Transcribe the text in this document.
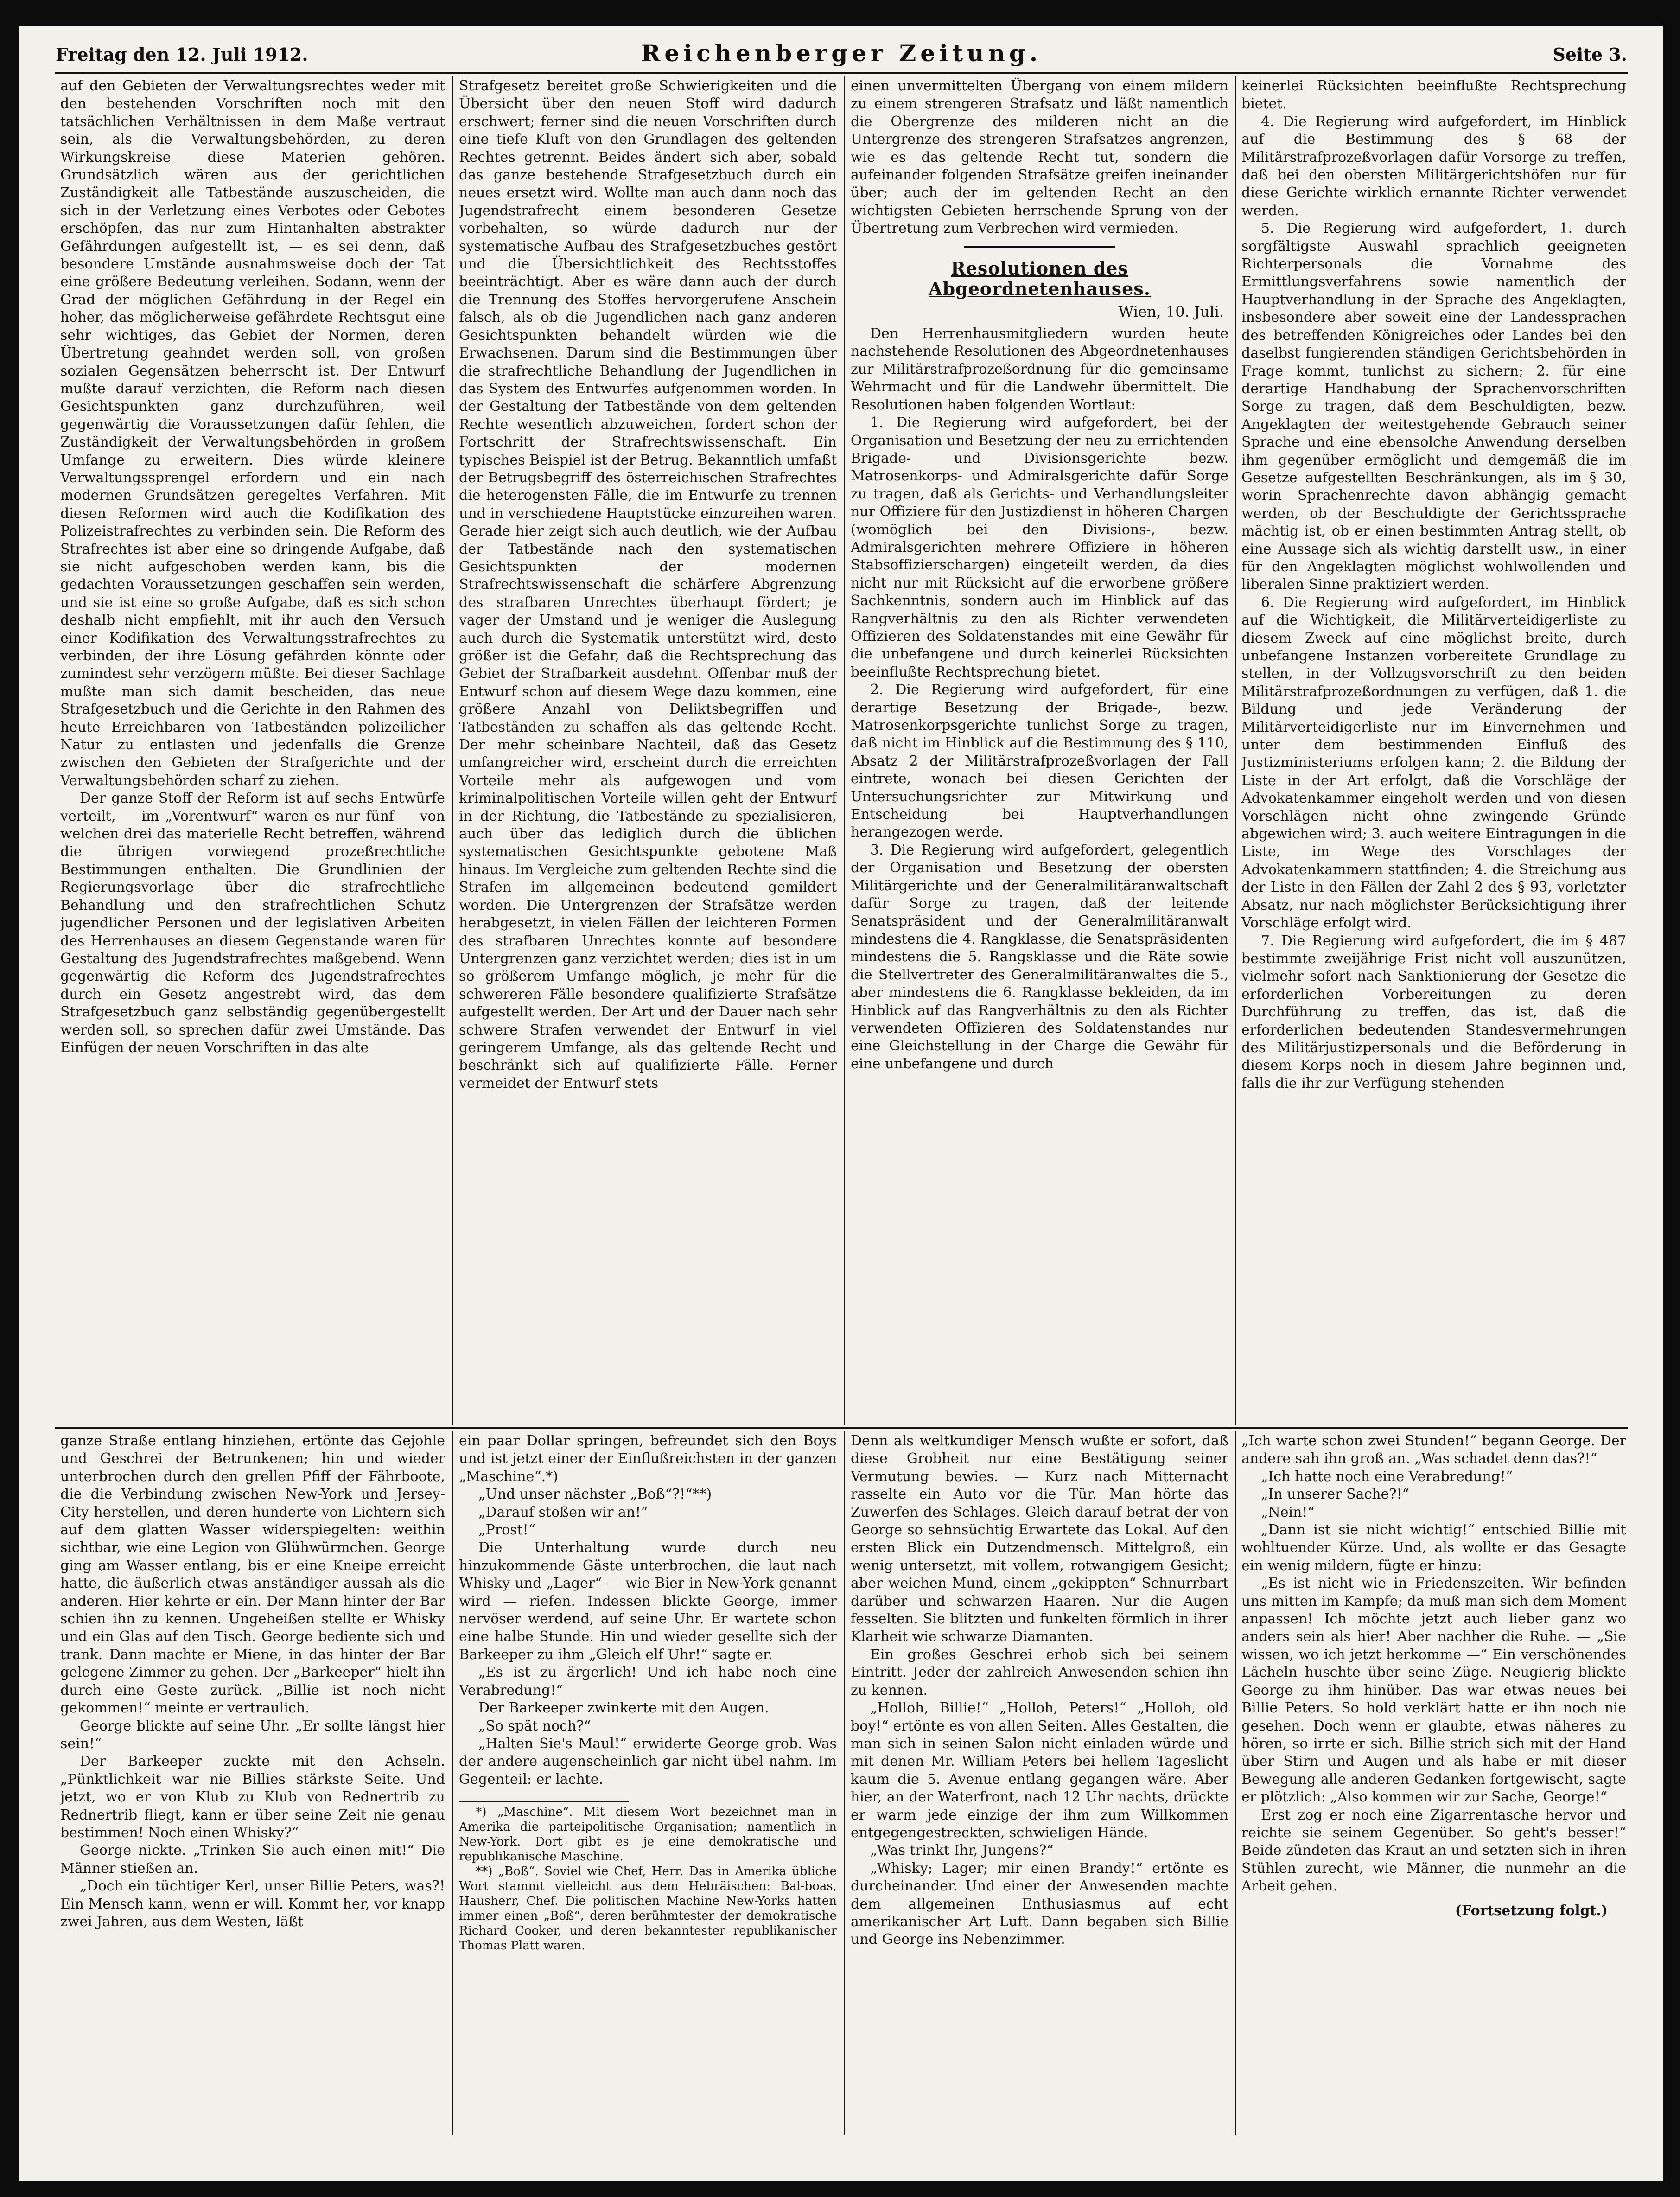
Freitag den 12. Juli 1912.	Reichenberger Zeitung.	Seite 3.

auf den Gebieten der Verwaltungsrechtes weder mit den bestehenden Vorschriften noch mit den tatsächlichen Verhältnissen in dem Maße vertraut sein, als die Verwaltungsbehörden, zu deren Wirkungskreise diese Materien gehören. Grundsätzlich wären aus der gerichtlichen Zuständigkeit alle Tatbestände auszuscheiden, die sich in der Verletzung eines Verbotes oder Gebotes erschöpfen, das nur zum Hintanhalten abstrakter Gefährdungen aufgestellt ist, — es sei denn, daß besondere Umstände ausnahmsweise doch der Tat eine größere Bedeutung verleihen. Sodann, wenn der Grad der möglichen Gefährdung in der Regel ein hoher, das möglicherweise gefährdete Rechtsgut eine sehr wichtiges, das Gebiet der Normen, deren Übertretung geahndet werden soll, von großen sozialen Gegensätzen beherrscht ist. Der Entwurf mußte darauf verzichten, die Reform nach diesen Gesichtspunkten ganz durchzuführen, weil gegenwärtig die Voraussetzungen dafür fehlen, die Zuständigkeit der Verwaltungsbehörden in großem Umfange zu erweitern. Dies würde kleinere Verwaltungssprengel erfordern und ein nach modernen Grundsätzen geregeltes Verfahren. Mit diesen Reformen wird auch die Kodifikation des Polizeistrafrechtes zu verbinden sein. Die Reform des Strafrechtes ist aber eine so dringende Aufgabe, daß sie nicht aufgeschoben werden kann, bis die gedachten Voraussetzungen geschaffen sein werden, und sie ist eine so große Aufgabe, daß es sich schon deshalb nicht empfiehlt, mit ihr auch den Versuch einer Kodifikation des Verwaltungsstrafrechtes zu verbinden, der ihre Lösung gefährden könnte oder zumindest sehr verzögern müßte. Bei dieser Sachlage mußte man sich damit bescheiden, das neue Strafgesetzbuch und die Gerichte in den Rahmen des heute Erreichbaren von Tatbeständen polizeilicher Natur zu entlasten und jedenfalls die Grenze zwischen den Gebieten der Strafgerichte und der Verwaltungsbehörden scharf zu ziehen.

Der ganze Stoff der Reform ist auf sechs Entwürfe verteilt, — im „Vorentwurf“ waren es nur fünf — von welchen drei das materielle Recht betreffen, während die übrigen vorwiegend prozeßrechtliche Bestimmungen enthalten. Die Grundlinien der Regierungsvorlage über die strafrechtliche Behandlung und den strafrechtlichen Schutz jugendlicher Personen und der legislativen Arbeiten des Herrenhauses an diesem Gegenstande waren für Gestaltung des Jugendstrafrechtes maßgebend. Wenn gegenwärtig die Reform des Jugendstrafrechtes durch ein Gesetz angestrebt wird, das dem Strafgesetzbuch ganz selbständig gegenübergestellt werden soll, so sprechen dafür zwei Umstände. Das Einfügen der neuen Vorschriften in das alte

Strafgesetz bereitet große Schwierigkeiten und die Übersicht über den neuen Stoff wird dadurch erschwert; ferner sind die neuen Vorschriften durch eine tiefe Kluft von den Grundlagen des geltenden Rechtes getrennt. Beides ändert sich aber, sobald das ganze bestehende Strafgesetzbuch durch ein neues ersetzt wird. Wollte man auch dann noch das Jugendstrafrecht einem besonderen Gesetze vorbehalten, so würde dadurch nur der systematische Aufbau des Strafgesetzbuches gestört und die Übersichtlichkeit des Rechtsstoffes beeinträchtigt. Aber es wäre dann auch der durch die Trennung des Stoffes hervorgerufene Anschein falsch, als ob die Jugendlichen nach ganz anderen Gesichtspunkten behandelt würden wie die Erwachsenen. Darum sind die Bestimmungen über die strafrechtliche Behandlung der Jugendlichen in das System des Entwurfes aufgenommen worden. In der Gestaltung der Tatbestände von dem geltenden Rechte wesentlich abzuweichen, fordert schon der Fortschritt der Strafrechtswissenschaft. Ein typisches Beispiel ist der Betrug. Bekanntlich umfaßt der Betrugsbegriff des österreichischen Strafrechtes die heterogensten Fälle, die im Entwurfe zu trennen und in verschiedene Hauptstücke einzureihen waren. Gerade hier zeigt sich auch deutlich, wie der Aufbau der Tatbestände nach den systematischen Gesichtspunkten der modernen Strafrechtswissenschaft die schärfere Abgrenzung des strafbaren Unrechtes überhaupt fördert; je vager der Umstand und je weniger die Auslegung auch durch die Systematik unterstützt wird, desto größer ist die Gefahr, daß die Rechtsprechung das Gebiet der Strafbarkeit ausdehnt. Offenbar muß der Entwurf schon auf diesem Wege dazu kommen, eine größere Anzahl von Deliktsbegriffen und Tatbeständen zu schaffen als das geltende Recht. Der mehr scheinbare Nachteil, daß das Gesetz umfangreicher wird, erscheint durch die erreichten Vorteile mehr als aufgewogen und vom kriminalpolitischen Vorteile willen geht der Entwurf in der Richtung, die Tatbestände zu spezialisieren, auch über das lediglich durch die üblichen systematischen Gesichtspunkte gebotene Maß hinaus. Im Vergleiche zum geltenden Rechte sind die Strafen im allgemeinen bedeutend gemildert worden. Die Untergrenzen der Strafsätze werden herabgesetzt, in vielen Fällen der leichteren Formen des strafbaren Unrechtes konnte auf besondere Untergrenzen ganz verzichtet werden; dies ist in um so größerem Umfange möglich, je mehr für die schwereren Fälle besondere qualifizierte Strafsätze aufgestellt werden. Der Art und der Dauer nach sehr schwere Strafen verwendet der Entwurf in viel geringerem Umfange, als das geltende Recht und beschränkt sich auf qualifizierte Fälle. Ferner vermeidet der Entwurf stets

einen unvermittelten Übergang von einem mildern zu einem strengeren Strafsatz und läßt namentlich die Obergrenze des milderen nicht an die Untergrenze des strengeren Strafsatzes angrenzen, wie es das geltende Recht tut, sondern die aufeinander folgenden Strafsätze greifen ineinander über; auch der im geltenden Recht an den wichtigsten Gebieten herrschende Sprung von der Übertretung zum Verbrechen wird vermieden.

Resolutionen des Abgeordnetenhauses.
Wien, 10. Juli.

Den Herrenhausmitgliedern wurden heute nachstehende Resolutionen des Abgeordnetenhauses zur Militärstrafprozeßordnung für die gemeinsame Wehrmacht und für die Landwehr übermittelt. Die Resolutionen haben folgenden Wortlaut:

1. Die Regierung wird aufgefordert, bei der Organisation und Besetzung der neu zu errichtenden Brigade- und Divisionsgerichte bezw. Matrosenkorps- und Admiralsgerichte dafür Sorge zu tragen, daß als Gerichts- und Verhandlungsleiter nur Offiziere für den Justizdienst in höheren Chargen (womöglich bei den Divisions-, bezw. Admiralsgerichten mehrere Offiziere in höheren Stabsoffizierschargen) eingeteilt werden, da dies nicht nur mit Rücksicht auf die erworbene größere Sachkenntnis, sondern auch im Hinblick auf das Rangverhältnis zu den als Richter verwendeten Offizieren des Soldatenstandes mit eine Gewähr für die unbefangene und durch keinerlei Rücksichten beeinflußte Rechtsprechung bietet.

2. Die Regierung wird aufgefordert, für eine derartige Besetzung der Brigade-, bezw. Matrosenkorpsgerichte tunlichst Sorge zu tragen, daß nicht im Hinblick auf die Bestimmung des § 110, Absatz 2 der Militärstrafprozeßvorlagen der Fall eintrete, wonach bei diesen Gerichten der Untersuchungsrichter zur Mitwirkung und Entscheidung bei Hauptverhandlungen herangezogen werde.

3. Die Regierung wird aufgefordert, gelegentlich der Organisation und Besetzung der obersten Militärgerichte und der Generalmilitäranwaltschaft dafür Sorge zu tragen, daß der leitende Senatspräsident und der Generalmilitäranwalt mindestens die 4. Rangklasse, die Senatspräsidenten mindestens die 5. Rangsklasse und die Räte sowie die Stellvertreter des Generalmilitäranwaltes die 5., aber mindestens die 6. Rangklasse bekleiden, da im Hinblick auf das Rangverhältnis zu den als Richter verwendeten Offizieren des Soldatenstandes nur eine Gleichstellung in der Charge die Gewähr für eine unbefangene und durch

keinerlei Rücksichten beeinflußte Rechtsprechung bietet.

4. Die Regierung wird aufgefordert, im Hinblick auf die Bestimmung des § 68 der Militärstrafprozeßvorlagen dafür Vorsorge zu treffen, daß bei den obersten Militärgerichtshöfen nur für diese Gerichte wirklich ernannte Richter verwendet werden.

5. Die Regierung wird aufgefordert, 1. durch sorgfältigste Auswahl sprachlich geeigneten Richterpersonals die Vornahme des Ermittlungsverfahrens sowie namentlich der Hauptverhandlung in der Sprache des Angeklagten, insbesondere aber soweit eine der Landessprachen des betreffenden Königreiches oder Landes bei den daselbst fungierenden ständigen Gerichtsbehörden in Frage kommt, tunlichst zu sichern; 2. für eine derartige Handhabung der Sprachenvorschriften Sorge zu tragen, daß dem Beschuldigten, bezw. Angeklagten der weitestgehende Gebrauch seiner Sprache und eine ebensolche Anwendung derselben ihm gegenüber ermöglicht und demgemäß die im Gesetze aufgestellten Beschränkungen, als im § 30, worin Sprachenrechte davon abhängig gemacht werden, ob der Beschuldigte der Gerichtssprache mächtig ist, ob er einen bestimmten Antrag stellt, ob eine Aussage sich als wichtig darstellt usw., in einer für den Angeklagten möglichst wohlwollenden und liberalen Sinne praktiziert werden.

6. Die Regierung wird aufgefordert, im Hinblick auf die Wichtigkeit, die Militärverteidigerliste zu diesem Zweck auf eine möglichst breite, durch unbefangene Instanzen vorbereitete Grundlage zu stellen, in der Vollzugsvorschrift zu den beiden Militärstrafprozeßordnungen zu verfügen, daß 1. die Bildung und jede Veränderung der Militärverteidigerliste nur im Einvernehmen und unter dem bestimmenden Einfluß des Justizministeriums erfolgen kann; 2. die Bildung der Liste in der Art erfolgt, daß die Vorschläge der Advokatenkammer eingeholt werden und von diesen Vorschlägen nicht ohne zwingende Gründe abgewichen wird; 3. auch weitere Eintragungen in die Liste, im Wege des Vorschlages der Advokatenkammern stattfinden; 4. die Streichung aus der Liste in den Fällen der Zahl 2 des § 93, vorletzter Absatz, nur nach möglichster Berücksichtigung ihrer Vorschläge erfolgt wird.

7. Die Regierung wird aufgefordert, die im § 487 bestimmte zweijährige Frist nicht voll auszunützen, vielmehr sofort nach Sanktionierung der Gesetze die erforderlichen Vorbereitungen zu deren Durchführung zu treffen, das ist, daß die erforderlichen bedeutenden Standesvermehrungen des Militärjustizpersonals und die Beförderung in diesem Korps noch in diesem Jahre beginnen und, falls die ihr zur Verfügung stehenden

ganze Straße entlang hinziehen, ertönte das Gejohle und Geschrei der Betrunkenen; hin und wieder unterbrochen durch den grellen Pfiff der Fährboote, die die Verbindung zwischen New-York und Jersey-City herstellen, und deren hunderte von Lichtern sich auf dem glatten Wasser widerspiegelten: weithin sichtbar, wie eine Legion von Glühwürmchen. George ging am Wasser entlang, bis er eine Kneipe erreicht hatte, die äußerlich etwas anständiger aussah als die anderen. Hier kehrte er ein. Der Mann hinter der Bar schien ihn zu kennen. Ungeheißen stellte er Whisky und ein Glas auf den Tisch. George bediente sich und trank. Dann machte er Miene, in das hinter der Bar gelegene Zimmer zu gehen. Der „Barkeeper“ hielt ihn durch eine Geste zurück. „Billie ist noch nicht gekommen!“ meinte er vertraulich.

George blickte auf seine Uhr. „Er sollte längst hier sein!“

Der Barkeeper zuckte mit den Achseln. „Pünktlichkeit war nie Billies stärkste Seite. Und jetzt, wo er von Klub zu Klub von Rednertrib zu Rednertrib fliegt, kann er über seine Zeit nie genau bestimmen! Noch einen Whisky?“

George nickte. „Trinken Sie auch einen mit!“ Die Männer stießen an.

„Doch ein tüchtiger Kerl, unser Billie Peters, was?! Ein Mensch kann, wenn er will. Kommt her, vor knapp zwei Jahren, aus dem Westen, läßt

ein paar Dollar springen, befreundet sich den Boys und ist jetzt einer der Einflußreichsten in der ganzen „Maschine“.*)

„Und unser nächster „Boß“?!“**)

„Darauf stoßen wir an!“

„Prost!“

Die Unterhaltung wurde durch neu hinzukommende Gäste unterbrochen, die laut nach Whisky und „Lager“ — wie Bier in New-York genannt wird — riefen. Indessen blickte George, immer nervöser werdend, auf seine Uhr. Er wartete schon eine halbe Stunde. Hin und wieder gesellte sich der Barkeeper zu ihm „Gleich elf Uhr!“ sagte er.

„Es ist zu ärgerlich! Und ich habe noch eine Verabredung!“

Der Barkeeper zwinkerte mit den Augen.

„So spät noch?“

„Halten Sie's Maul!“ erwiderte George grob. Was der andere augenscheinlich gar nicht übel nahm. Im Gegenteil: er lachte.

*) „Maschine“. Mit diesem Wort bezeichnet man in Amerika die parteipolitische Organisation; namentlich in New-York. Dort gibt es je eine demokratische und republikanische Maschine.

**) „Boß“. Soviel wie Chef, Herr. Das in Amerika übliche Wort stammt vielleicht aus dem Hebräischen: Bal-boas, Hausherr, Chef. Die politischen Machine New-Yorks hatten immer einen „Boß“, deren berühmtester der demokratische Richard Cooker, und deren bekanntester republikanischer Thomas Platt waren.

Denn als weltkundiger Mensch wußte er sofort, daß diese Grobheit nur eine Bestätigung seiner Vermutung bewies. — Kurz nach Mitternacht rasselte ein Auto vor die Tür. Man hörte das Zuwerfen des Schlages. Gleich darauf betrat der von George so sehnsüchtig Erwartete das Lokal. Auf den ersten Blick ein Dutzendmensch. Mittelgroß, ein wenig untersetzt, mit vollem, rotwangigem Gesicht; aber weichen Mund, einem „gekippten“ Schnurrbart darüber und schwarzen Haaren. Nur die Augen fesselten. Sie blitzten und funkelten förmlich in ihrer Klarheit wie schwarze Diamanten.

Ein großes Geschrei erhob sich bei seinem Eintritt. Jeder der zahlreich Anwesenden schien ihn zu kennen.

„Holloh, Billie!“ „Holloh, Peters!“ „Holloh, old boy!“ ertönte es von allen Seiten. Alles Gestalten, die man sich in seinen Salon nicht einladen würde und mit denen Mr. William Peters bei hellem Tageslicht kaum die 5. Avenue entlang gegangen wäre. Aber hier, an der Waterfront, nach 12 Uhr nachts, drückte er warm jede einzige der ihm zum Willkommen entgegengestreckten, schwieligen Hände.

„Was trinkt Ihr, Jungens?“

„Whisky; Lager; mir einen Brandy!“ ertönte es durcheinander. Und einer der Anwesenden machte dem allgemeinen Enthusiasmus auf echt amerikanischer Art Luft. Dann begaben sich Billie und George ins Nebenzimmer.

„Ich warte schon zwei Stunden!“ begann George. Der andere sah ihn groß an. „Was schadet denn das?!“

„Ich hatte noch eine Verabredung!“

„In unserer Sache?!“

„Nein!“

„Dann ist sie nicht wichtig!“ entschied Billie mit wohltuender Kürze. Und, als wollte er das Gesagte ein wenig mildern, fügte er hinzu:

„Es ist nicht wie in Friedenszeiten. Wir befinden uns mitten im Kampfe; da muß man sich dem Moment anpassen! Ich möchte jetzt auch lieber ganz wo anders sein als hier! Aber nachher die Ruhe. — „Sie wissen, wo ich jetzt herkomme —“ Ein verschönendes Lächeln huschte über seine Züge. Neugierig blickte George zu ihm hinüber. Das war etwas neues bei Billie Peters. So hold verklärt hatte er ihn noch nie gesehen. Doch wenn er glaubte, etwas näheres zu hören, so irrte er sich. Billie strich sich mit der Hand über Stirn und Augen und als habe er mit dieser Bewegung alle anderen Gedanken fortgewischt, sagte er plötzlich: „Also kommen wir zur Sache, George!“

Erst zog er noch eine Zigarrentasche hervor und reichte sie seinem Gegenüber. So geht's besser!“ Beide zündeten das Kraut an und setzten sich in ihren Stühlen zurecht, wie Männer, die nunmehr an die Arbeit gehen.

(Fortsetzung folgt.)
